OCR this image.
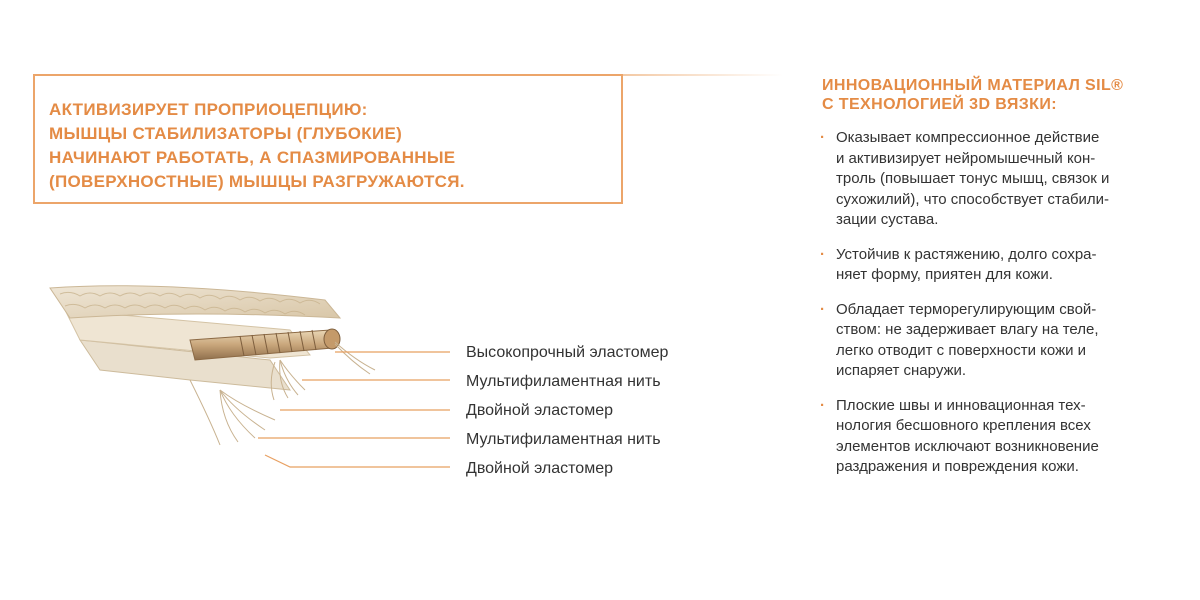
АКТИВИЗИРУЕТ ПРОПРИОЦЕПЦИЮ:
МЫШЦЫ СТАБИЛИЗАТОРЫ (ГЛУБОКИЕ)
НАЧИНАЮТ РАБОТАТЬ, А СПАЗМИРОВАННЫЕ
(ПОВЕРХНОСТНЫЕ) МЫШЦЫ РАЗГРУЖАЮТСЯ.

Высокопрочный эластомер
Мультифиламентная нить
Двойной эластомер
Мультифиламентная нить
Двойной эластомер
ИННОВАЦИОННЫЙ МАТЕРИАЛ SIL®
С ТЕХНОЛОГИЕЙ 3D ВЯЗКИ:
· Оказывает компрессионное действие
и активизирует нейромышечный кон-
троль (повышает тонус мышц, связок и
сухожилий), что способствует стабили-
зации сустава.
· Устойчив к растяжению, долго сохра-
няет форму, приятен для кожи.
· Обладает терморегулирующим свой-
ством: не задерживает влагу на теле,
легко отводит с поверхности кожи и
испаряет снаружи.
· Плоские швы и инновационная тех-
нология бесшовного крепления всех
элементов исключают возникновение
раздражения и повреждения кожи.
